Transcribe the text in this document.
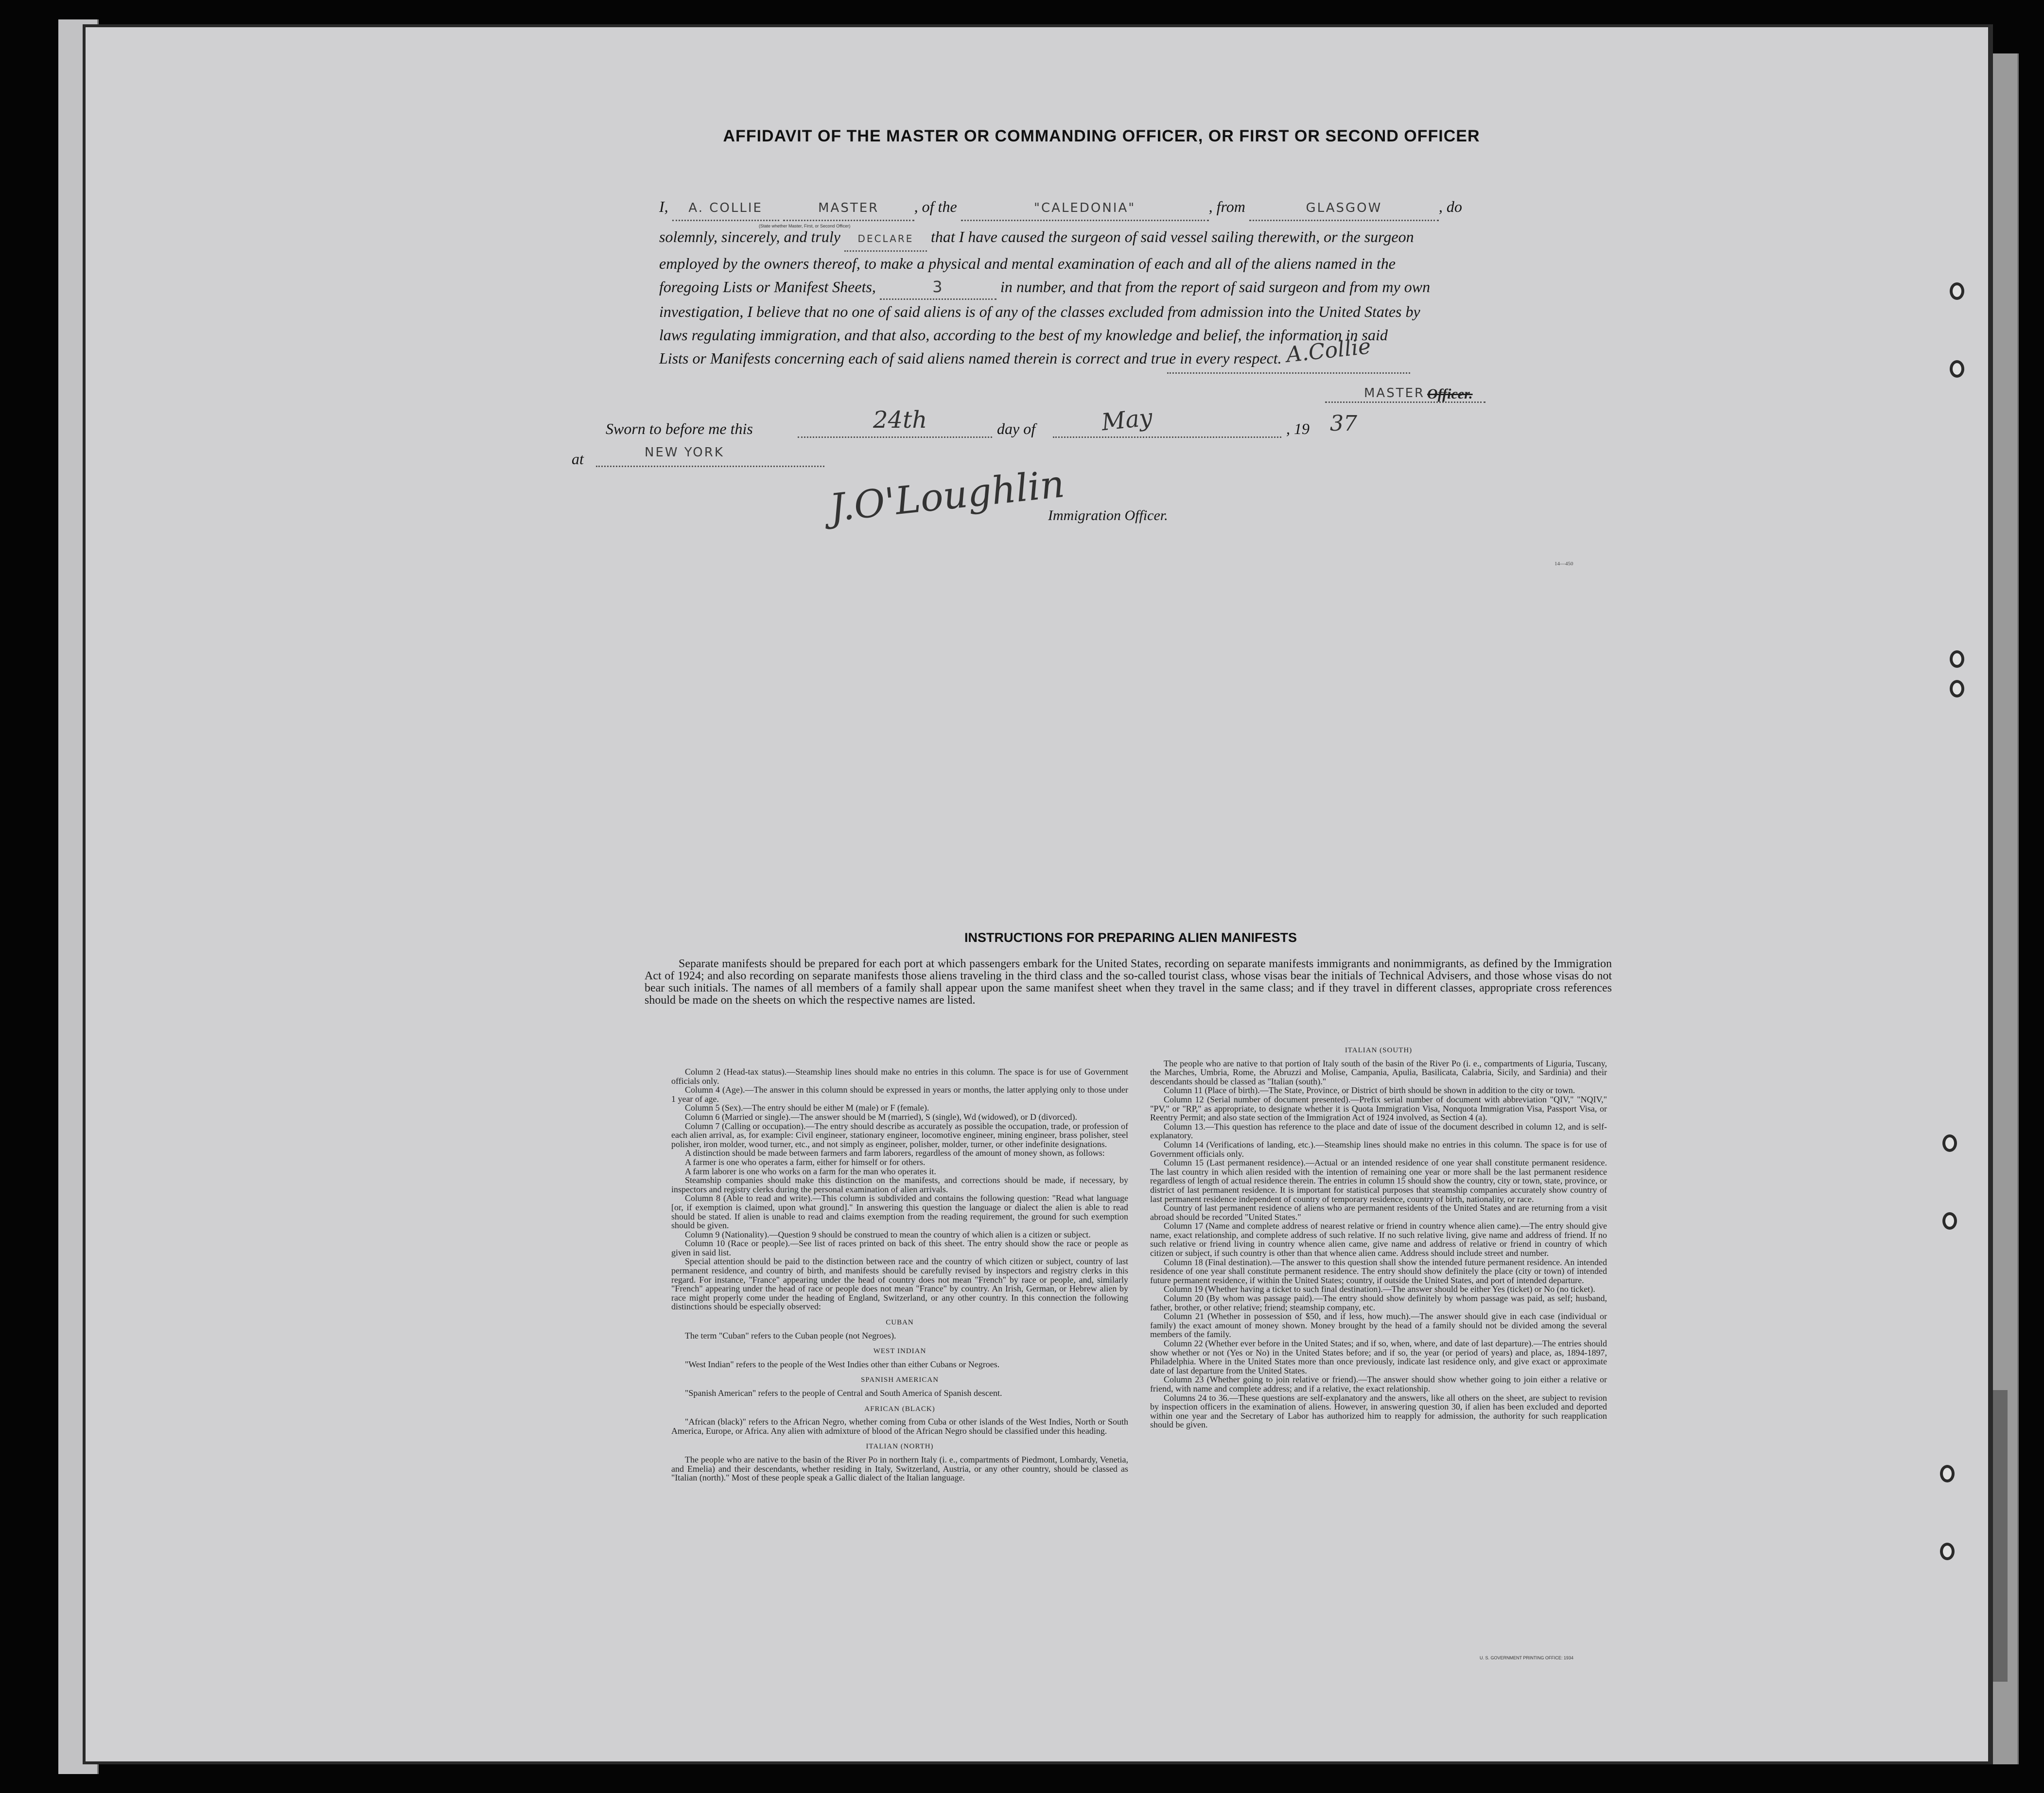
AFFIDAVIT OF THE MASTER OR COMMANDING OFFICER, OR FIRST OR SECOND OFFICER
I, A. COLLIE	MASTER , of the	"CALEDONIA"	, from	GLASGOW	, do
(State whether Master, First, or Second Officer)
solemnly, sincerely, and truly DECLARE that I have caused the surgeon of said vessel sailing therewith, or the surgeon
employed by the owners thereof, to make a physical and mental examination of each and all of the aliens named in the
foregoing Lists or Manifest Sheets,	3	in number, and that from the report of said surgeon and from my own
investigation, I believe that no one of said aliens is of any of the classes excluded from admission into the United States by
laws regulating immigration, and that also, according to the best of my knowledge and belief, the information in said
Lists or Manifests concerning each of said aliens named therein is correct and true in every respect. A.Collie
MASTER Officer.
Sworn to before me this	24th	day of	May	, 19 37
at	NEW YORK
J.O'Loughlin
Immigration Officer.
14—450
INSTRUCTIONS FOR PREPARING ALIEN MANIFESTS
Separate manifests should be prepared for each port at which passengers embark for the United States, recording on separate manifests immigrants and nonimmigrants, as defined by the Immigration Act of 1924; and also recording on separate manifests those aliens traveling in the third class and the so-called tourist class, whose visas bear the initials of Technical Advisers, and those whose visas do not bear such initials. The names of all members of a family shall appear upon the same manifest sheet when they travel in the same class; and if they travel in different classes, appropriate cross references should be made on the sheets on which the respective names are listed.

Column 2 (Head-tax status).—Steamship lines should make no entries in this column. The space is for use of Government officials only.

Column 4 (Age).—The answer in this column should be expressed in years or months, the latter applying only to those under 1 year of age.

Column 5 (Sex).—The entry should be either M (male) or F (female).

Column 6 (Married or single).—The answer should be M (married), S (single), Wd (widowed), or D (divorced).

Column 7 (Calling or occupation).—The entry should describe as accurately as possible the occupation, trade, or profession of each alien arrival, as, for example: Civil engineer, stationary engineer, locomotive engineer, mining engineer, brass polisher, steel polisher, iron molder, wood turner, etc., and not simply as engineer, polisher, molder, turner, or other indefinite designations.

A distinction should be made between farmers and farm laborers, regardless of the amount of money shown, as follows:

A farmer is one who operates a farm, either for himself or for others.

A farm laborer is one who works on a farm for the man who operates it.

Steamship companies should make this distinction on the manifests, and corrections should be made, if necessary, by inspectors and registry clerks during the personal examination of alien arrivals.

Column 8 (Able to read and write).—This column is subdivided and contains the following question: "Read what language [or, if exemption is claimed, upon what ground]." In answering this question the language or dialect the alien is able to read should be stated. If alien is unable to read and claims exemption from the reading requirement, the ground for such exemption should be given.

Column 9 (Nationality).—Question 9 should be construed to mean the country of which alien is a citizen or subject.

Column 10 (Race or people).—See list of races printed on back of this sheet. The entry should show the race or people as given in said list.

Special attention should be paid to the distinction between race and the country of which citizen or subject, country of last permanent residence, and country of birth, and manifests should be carefully revised by inspectors and registry clerks in this regard. For instance, "France" appearing under the head of country does not mean "French" by race or people, and, similarly "French" appearing under the head of race or people does not mean "France" by country. An Irish, German, or Hebrew alien by race might properly come under the heading of England, Switzerland, or any other country. In this connection the following distinctions should be especially observed:

CUBAN

The term "Cuban" refers to the Cuban people (not Negroes).

WEST INDIAN

"West Indian" refers to the people of the West Indies other than either Cubans or Negroes.

SPANISH AMERICAN

"Spanish American" refers to the people of Central and South America of Spanish descent.

AFRICAN (BLACK)

"African (black)" refers to the African Negro, whether coming from Cuba or other islands of the West Indies, North or South America, Europe, or Africa. Any alien with admixture of blood of the African Negro should be classified under this heading.

ITALIAN (NORTH)

The people who are native to the basin of the River Po in northern Italy (i. e., compartments of Piedmont, Lombardy, Venetia, and Emelia) and their descendants, whether residing in Italy, Switzerland, Austria, or any other country, should be classed as "Italian (north)." Most of these people speak a Gallic dialect of the Italian language.

ITALIAN (SOUTH)

The people who are native to that portion of Italy south of the basin of the River Po (i. e., compartments of Liguria, Tuscany, the Marches, Umbria, Rome, the Abruzzi and Molise, Campania, Apulia, Basilicata, Calabria, Sicily, and Sardinia) and their descendants should be classed as "Italian (south)."

Column 11 (Place of birth).—The State, Province, or District of birth should be shown in addition to the city or town.

Column 12 (Serial number of document presented).—Prefix serial number of document with abbreviation "QIV," "NQIV," "PV," or "RP," as appropriate, to designate whether it is Quota Immigration Visa, Nonquota Immigration Visa, Passport Visa, or Reentry Permit; and also state section of the Immigration Act of 1924 involved, as Section 4 (a).

Column 13.—This question has reference to the place and date of issue of the document described in column 12, and is self-explanatory.

Column 14 (Verifications of landing, etc.).—Steamship lines should make no entries in this column. The space is for use of Government officials only.

Column 15 (Last permanent residence).—Actual or an intended residence of one year shall constitute permanent residence. The last country in which alien resided with the intention of remaining one year or more shall be the last permanent residence regardless of length of actual residence therein. The entries in column 15 should show the country, city or town, state, province, or district of last permanent residence. It is important for statistical purposes that steamship companies accurately show country of last permanent residence independent of country of temporary residence, country of birth, nationality, or race.

Country of last permanent residence of aliens who are permanent residents of the United States and are returning from a visit abroad should be recorded "United States."

Column 17 (Name and complete address of nearest relative or friend in country whence alien came).—The entry should give name, exact relationship, and complete address of such relative. If no such relative living, give name and address of friend. If no such relative or friend living in country whence alien came, give name and address of relative or friend in country of which citizen or subject, if such country is other than that whence alien came. Address should include street and number.

Column 18 (Final destination).—The answer to this question shall show the intended future permanent residence. An intended residence of one year shall constitute permanent residence. The entry should show definitely the place (city or town) of intended future permanent residence, if within the United States; country, if outside the United States, and port of intended departure.

Column 19 (Whether having a ticket to such final destination).—The answer should be either Yes (ticket) or No (no ticket).

Column 20 (By whom was passage paid).—The entry should show definitely by whom passage was paid, as self; husband, father, brother, or other relative; friend; steamship company, etc.

Column 21 (Whether in possession of $50, and if less, how much).—The answer should give in each case (individual or family) the exact amount of money shown. Money brought by the head of a family should not be divided among the several members of the family.

Column 22 (Whether ever before in the United States; and if so, when, where, and date of last departure).—The entries should show whether or not (Yes or No) in the United States before; and if so, the year (or period of years) and place, as, 1894-1897, Philadelphia. Where in the United States more than once previously, indicate last residence only, and give exact or approximate date of last departure from the United States.

Column 23 (Whether going to join relative or friend).—The answer should show whether going to join either a relative or friend, with name and complete address; and if a relative, the exact relationship.

Columns 24 to 36.—These questions are self-explanatory and the answers, like all others on the sheet, are subject to revision by inspection officers in the examination of aliens. However, in answering question 30, if alien has been excluded and deported within one year and the Secretary of Labor has authorized him to reapply for admission, the authority for such reapplication should be given.

U. S. GOVERNMENT PRINTING OFFICE: 1934
